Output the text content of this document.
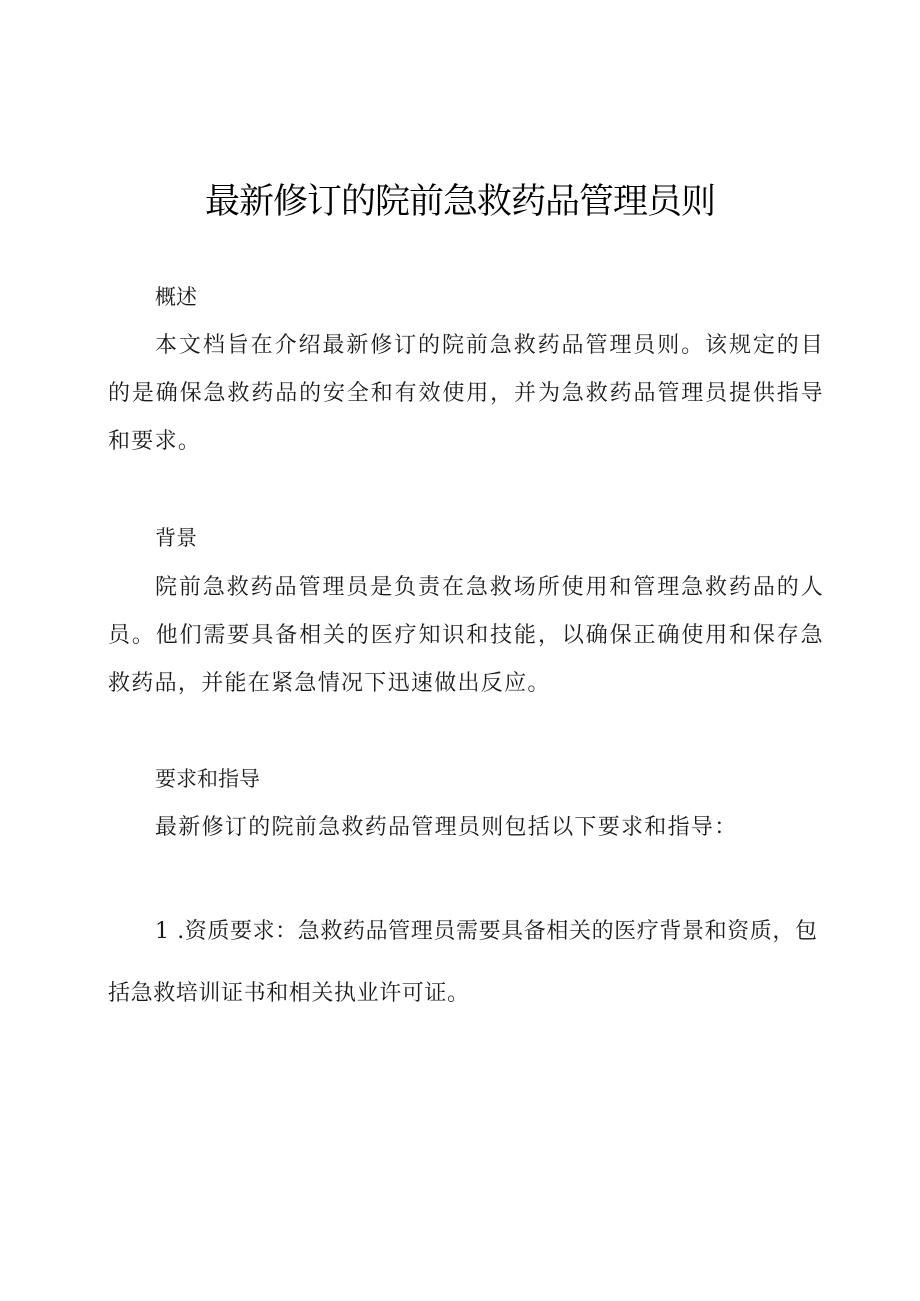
最新修订的院前急救药品管理员则
概述

本文档旨在介绍最新修订的院前急救药品管理员则。该规定的目的是确保急救药品的安全和有效使用，并为急救药品管理员提供指导和要求。

背景

院前急救药品管理员是负责在急救场所使用和管理急救药品的人员。他们需要具备相关的医疗知识和技能，以确保正确使用和保存急救药品，并能在紧急情况下迅速做出反应。

要求和指导

最新修订的院前急救药品管理员则包括以下要求和指导：

1 .资质要求：急救药品管理员需要具备相关的医疗背景和资质，包括急救培训证书和相关执业许可证。
